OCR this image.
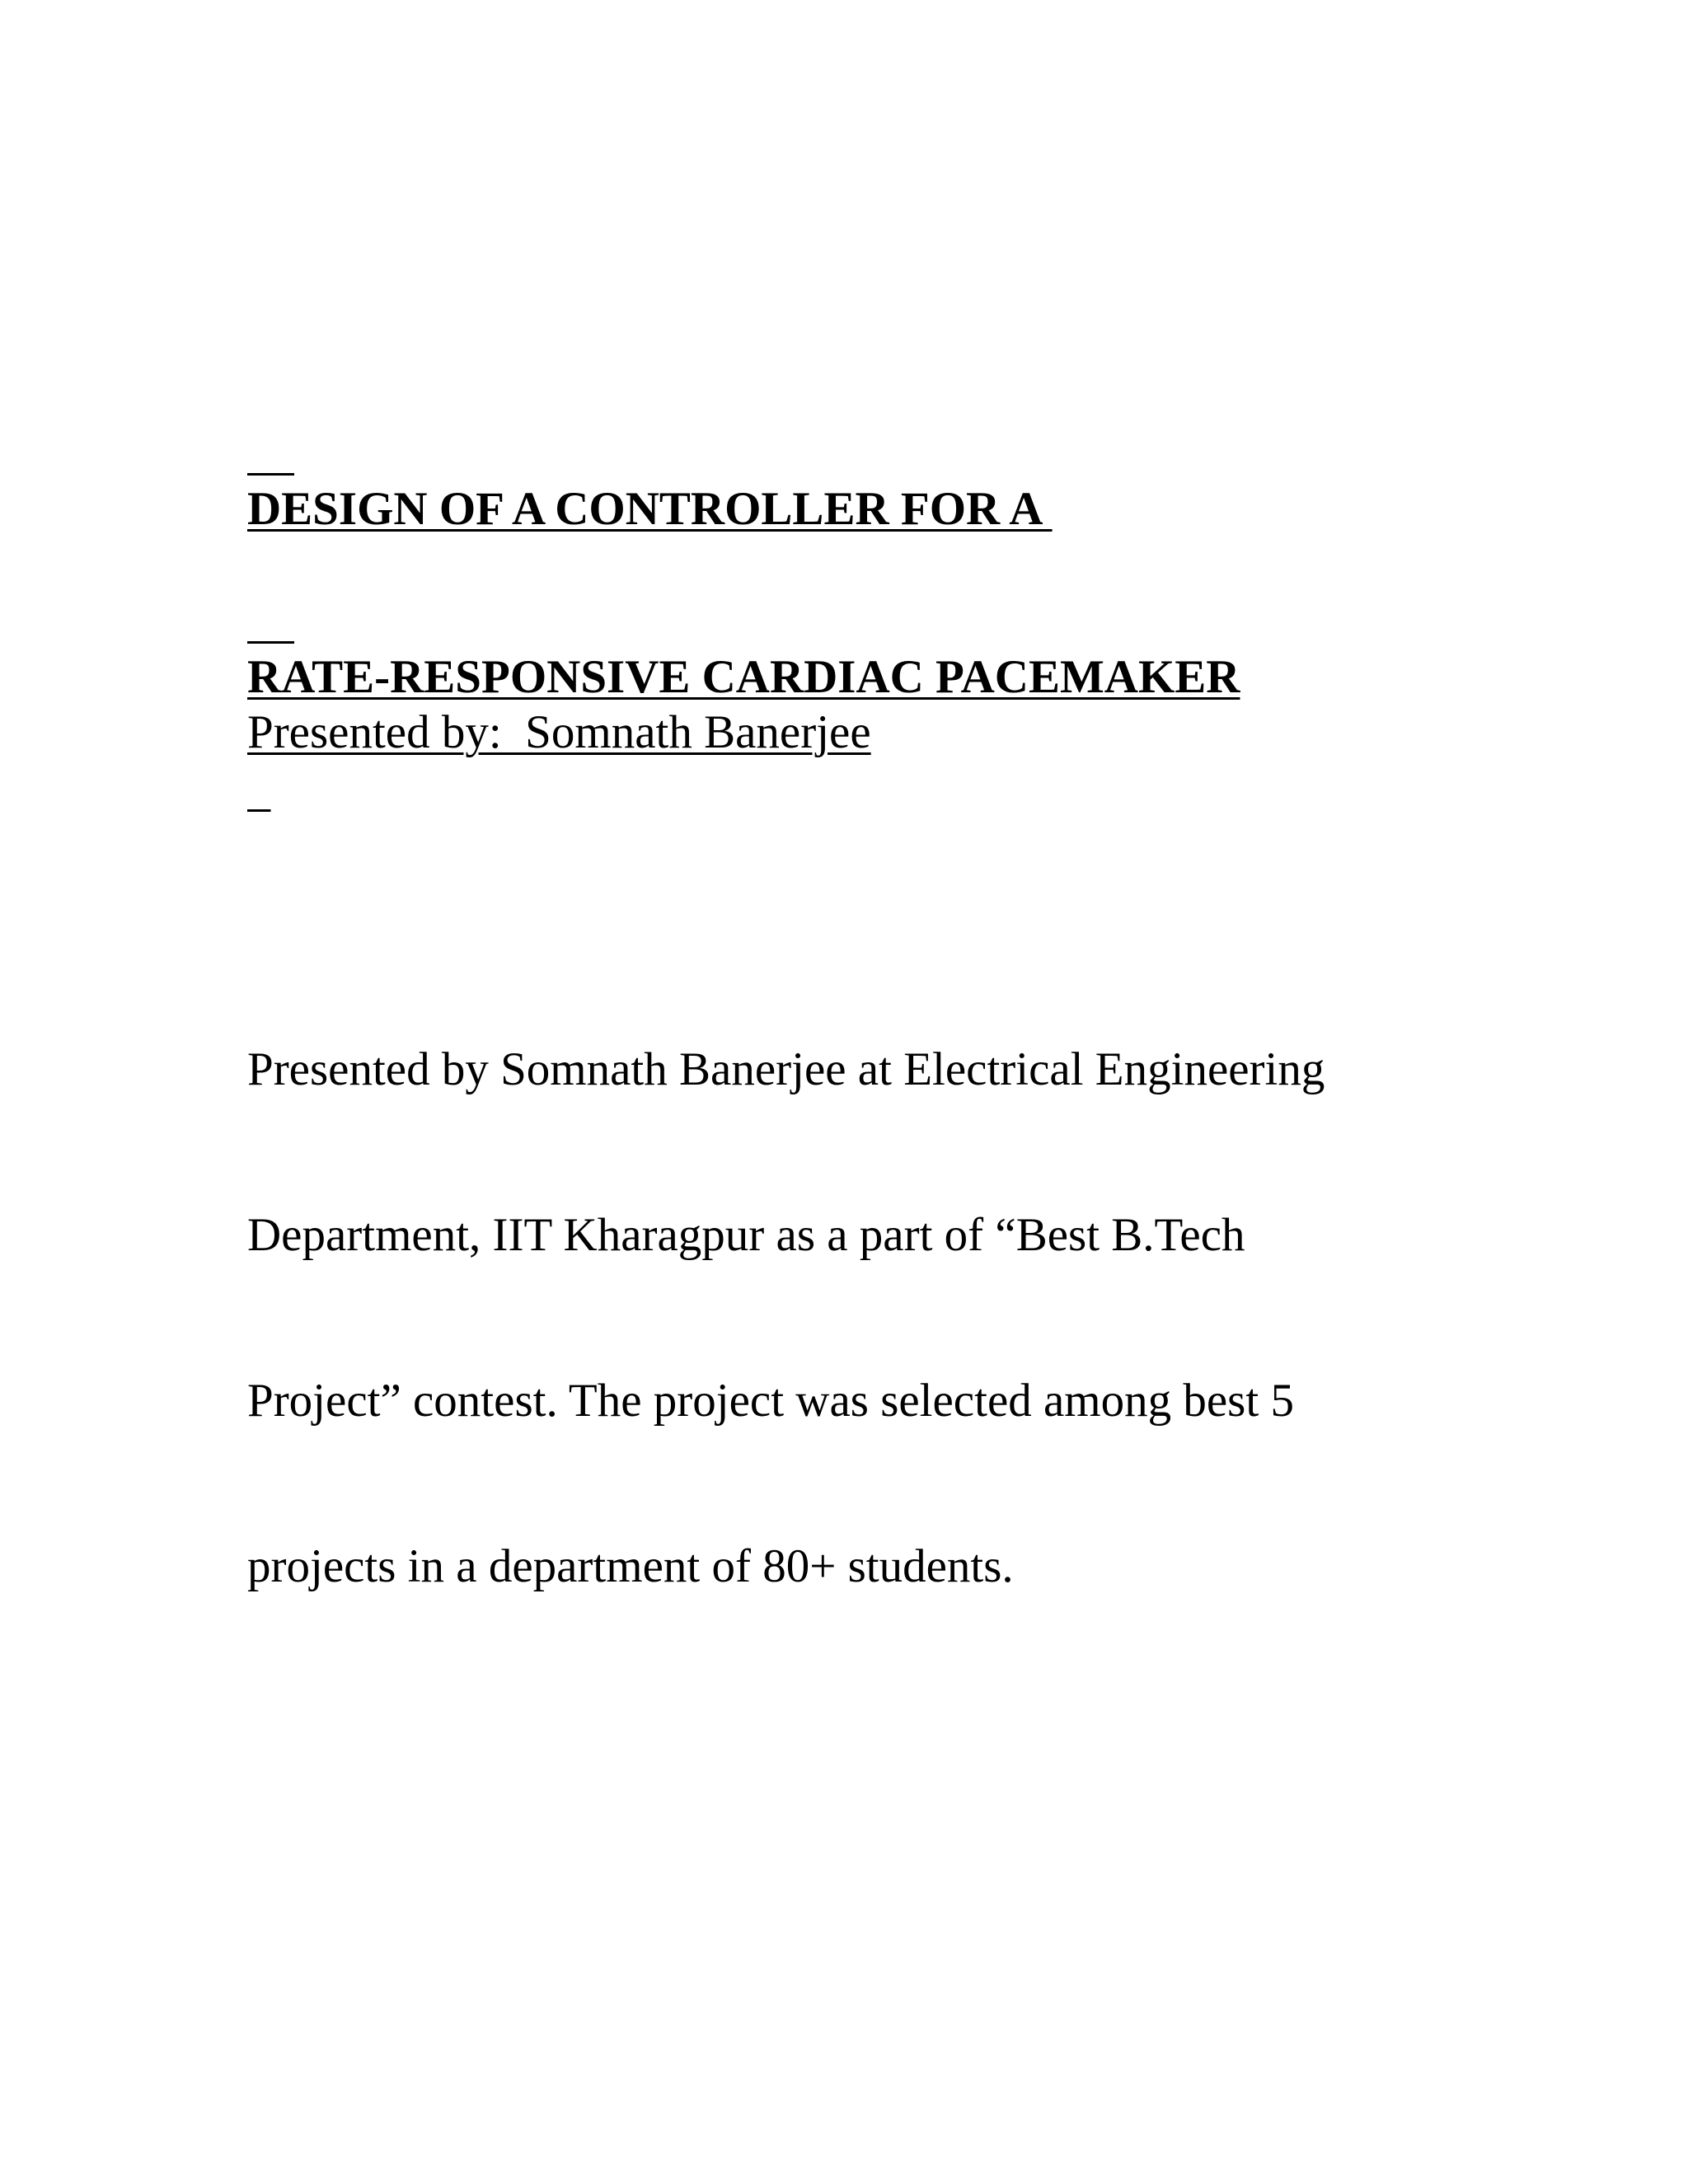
DESIGN OF A CONTROLLER FOR A

RATE-RESPONSIVE CARDIAC PACEMAKER

Presented by:  Somnath Banerjee

Presented by Somnath Banerjee at Electrical Engineering

Department, IIT Kharagpur as a part of “Best B.Tech

Project” contest. The project was selected among best 5

projects in a department of 80+ students.
